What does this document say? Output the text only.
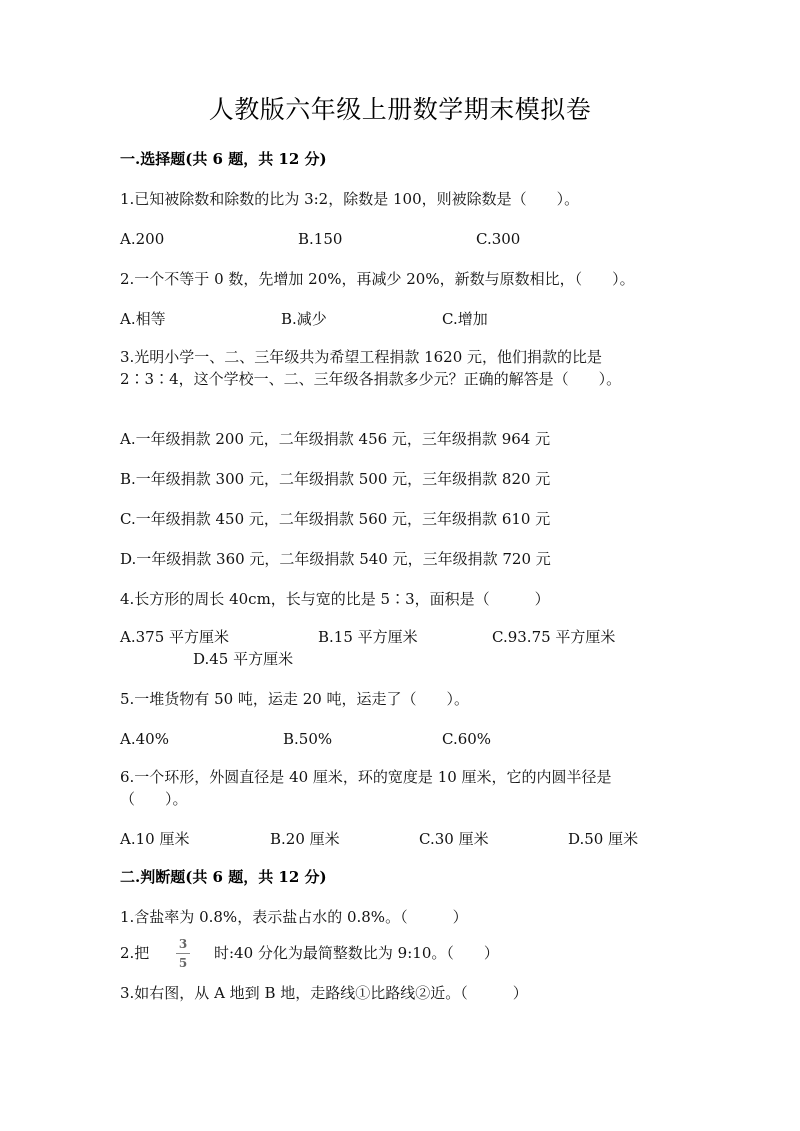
人教版六年级上册数学期末模拟卷
一.选择题(共 6 题，共 12 分)
1.已知被除数和除数的比为 3:2，除数是 100，则被除数是（　　）。
A.200	B.150	C.300
2.一个不等于 0 数，先增加 20%，再减少 20%，新数与原数相比，（　　）。
A.相等	B.减少	C.增加
3.光明小学一、二、三年级共为希望工程捐款 1620 元，他们捐款的比是
2∶3∶4，这个学校一、二、三年级各捐款多少元？正确的解答是（　　）。
A.一年级捐款 200 元，二年级捐款 456 元，三年级捐款 964 元
B.一年级捐款 300 元，二年级捐款 500 元，三年级捐款 820 元
C.一年级捐款 450 元，二年级捐款 560 元，三年级捐款 610 元
D.一年级捐款 360 元，二年级捐款 540 元，三年级捐款 720 元
4.长方形的周长 40cm，长与宽的比是 5∶3，面积是（　　　）
A.375 平方厘米	B.15 平方厘米	C.93.75 平方厘米
D.45 平方厘米
5.一堆货物有 50 吨，运走 20 吨，运走了（　　）。
A.40%	B.50%	C.60%
6.一个环形，外圆直径是 40 厘米，环的宽度是 10 厘米，它的内圆半径是
（　　）。
A.10 厘米	B.20 厘米	C.30 厘米	D.50 厘米
二.判断题(共 6 题，共 12 分)
1.含盐率为 0.8%，表示盐占水的 0.8%。（　　　）
2.把	3
5
时:40 分化为最简整数比为 9:10。（　　）
3.如右图，从 A 地到 B 地，走路线①比路线②近。（　　　）
